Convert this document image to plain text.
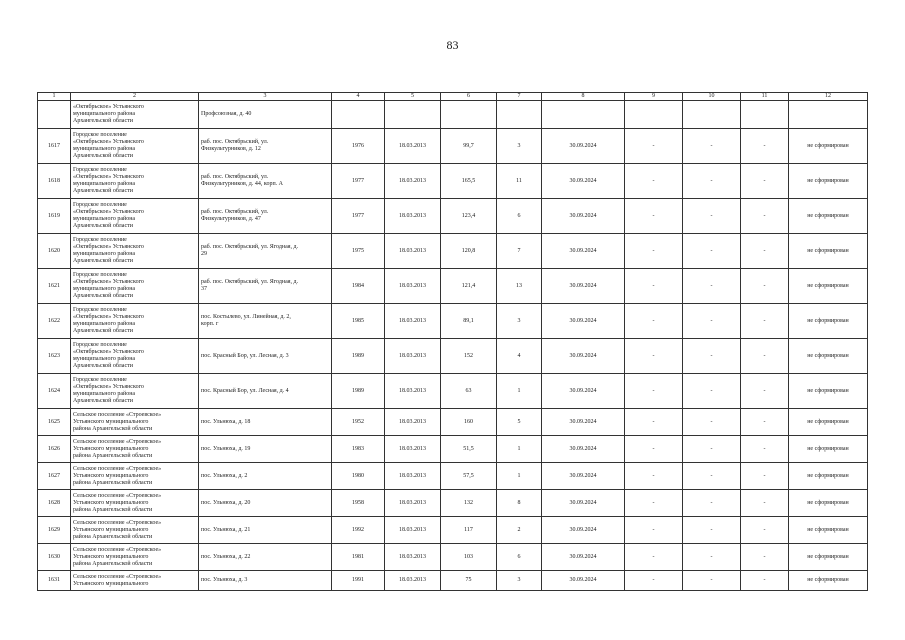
83
1	2	3	4	5	6	7	8	9	10	11	12

	«Октябрьское» Устьянского
муниципального района
Архангельской области	Профсоюзная, д. 40									

1617	Городское поселение
«Октябрьское» Устьянского
муниципального района
Архангельской области	раб. пос. Октябрьский, ул.
Физкультурников, д. 12	1976	18.03.2013	99,7	3	30.09.2024	-	-	-	не сформирован
1618	Городское поселение
«Октябрьское» Устьянского
муниципального района
Архангельской области	раб. пос. Октябрьский, ул.
Физкультурников, д. 44, корп. А	1977	18.03.2013	165,5	11	30.09.2024	-	-	-	не сформирован
1619	Городское поселение
«Октябрьское» Устьянского
муниципального района
Архангельской области	раб. пос. Октябрьский, ул.
Физкультурников, д. 47	1977	18.03.2013	123,4	6	30.09.2024	-	-	-	не сформирован
1620	Городское поселение
«Октябрьское» Устьянского
муниципального района
Архангельской области	раб. пос. Октябрьский, ул. Ягодная, д.
29	1975	18.03.2013	120,8	7	30.09.2024	-	-	-	не сформирован
1621	Городское поселение
«Октябрьское» Устьянского
муниципального района
Архангельской области	раб. пос. Октябрьский, ул. Ягодная, д.
37	1984	18.03.2013	121,4	13	30.09.2024	-	-	-	не сформирован
1622	Городское поселение
«Октябрьское» Устьянского
муниципального района
Архангельской области	пос. Костылево, ул. Линейная, д. 2,
корп. г	1985	18.03.2013	89,1	3	30.09.2024	-	-	-	не сформирован
1623	Городское поселение
«Октябрьское» Устьянского
муниципального района
Архангельской области	пос. Красный Бор, ул. Лесная, д. 3	1989	18.03.2013	152	4	30.09.2024	-	-	-	не сформирован
1624	Городское поселение
«Октябрьское» Устьянского
муниципального района
Архангельской области	пос. Красный Бор, ул. Лесная, д. 4	1989	18.03.2013	63	1	30.09.2024	-	-	-	не сформирован
1625	Сельское поселение «Строевское»
Устьянского муниципального
района Архангельской области	пос. Ульнюха, д. 18	1952	18.03.2013	160	5	30.09.2024	-	-	-	не сформирован
1626	Сельское поселение «Строевское»
Устьянского муниципального
района Архангельской области	пос. Ульнюха, д. 19	1983	18.03.2013	51,5	1	30.09.2024	-	-	-	не сформирован
1627	Сельское поселение «Строевское»
Устьянского муниципального
района Архангельской области	пос. Ульнюха, д. 2	1980	18.03.2013	57,5	1	30.09.2024	-	-	-	не сформирован
1628	Сельское поселение «Строевское»
Устьянского муниципального
района Архангельской области	пос. Ульнюха, д. 20	1958	18.03.2013	132	8	30.09.2024	-	-	-	не сформирован
1629	Сельское поселение «Строевское»
Устьянского муниципального
района Архангельской области	пос. Ульнюха, д. 21	1992	18.03.2013	117	2	30.09.2024	-	-	-	не сформирован
1630	Сельское поселение «Строевское»
Устьянского муниципального
района Архангельской области	пос. Ульнюха, д. 22	1981	18.03.2013	103	6	30.09.2024	-	-	-	не сформирован
1631	Сельское поселение «Строевское»
Устьянского муниципального	пос. Ульнюха, д. 3	1991	18.03.2013	75	3	30.09.2024	-	-	-	не сформирован
